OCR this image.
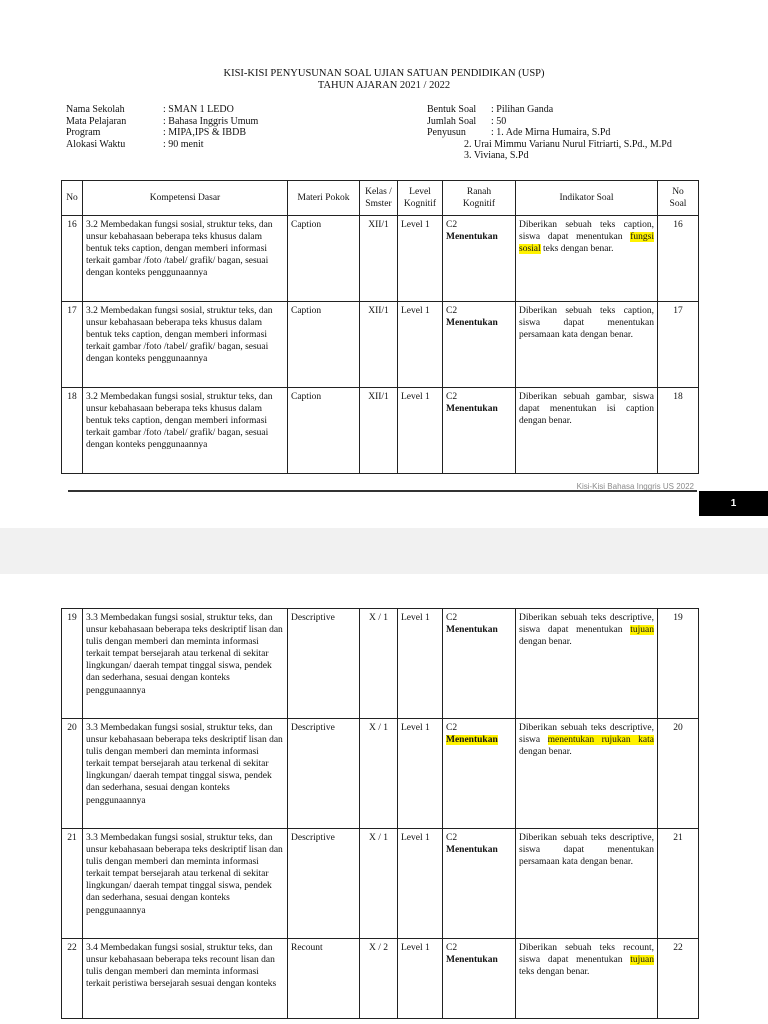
KISI-KISI PENYUSUNAN SOAL UJIAN SATUAN PENDIDIKAN (USP)
TAHUN AJARAN 2021 / 2022
Nama Sekolah	: SMAN 1 LEDO
Mata Pelajaran	: Bahasa Inggris Umum
Program	: MIPA,IPS & IBDB
Alokasi Waktu	: 90 menit
Bentuk Soal	: Pilihan Ganda
Jumlah Soal	: 50
Penyusun	: 1. Ade Mirna Humaira, S.Pd
2. Urai Mimmu Varianu Nurul Fitriarti, S.Pd., M.Pd
3. Viviana, S.Pd
No	Kompetensi Dasar	Materi Pokok	Kelas /
Smster	Level
Kognitif	Ranah
Kognitif	Indikator Soal	No
Soal
16	3.2 Membedakan fungsi sosial, struktur teks, dan unsur kebahasaan beberapa teks khusus dalam bentuk teks caption, dengan memberi informasi terkait gambar /foto /tabel/ grafik/ bagan, sesuai dengan konteks penggunaannya	Caption	XII/1	Level 1	C2
Menentukan	Diberikan sebuah teks caption, siswa dapat menentukan fungsi sosial teks dengan benar.	16
17	3.2 Membedakan fungsi sosial, struktur teks, dan unsur kebahasaan beberapa teks khusus dalam bentuk teks caption, dengan memberi informasi terkait gambar /foto /tabel/ grafik/ bagan, sesuai dengan konteks penggunaannya	Caption	XII/1	Level 1	C2
Menentukan	Diberikan sebuah teks caption, siswa dapat menentukan persamaan kata dengan benar.	17
18	3.2 Membedakan fungsi sosial, struktur teks, dan unsur kebahasaan beberapa teks khusus dalam bentuk teks caption, dengan memberi informasi terkait gambar /foto /tabel/ grafik/ bagan, sesuai dengan konteks penggunaannya	Caption	XII/1	Level 1	C2
Menentukan	Diberikan sebuah gambar, siswa dapat menentukan isi caption dengan benar.	18
Kisi-Kisi Bahasa Inggris US 2022
1
19	3.3 Membedakan fungsi sosial, struktur teks, dan unsur kebahasaan beberapa teks deskriptif lisan dan tulis dengan memberi dan meminta informasi terkait tempat bersejarah atau terkenal di sekitar lingkungan/ daerah tempat tinggal siswa, pendek dan sederhana, sesuai dengan konteks penggunaannya	Descriptive	X / 1	Level 1	C2
Menentukan	Diberikan sebuah teks descriptive, siswa dapat menentukan tujuan dengan benar.	19
20	3.3 Membedakan fungsi sosial, struktur teks, dan unsur kebahasaan beberapa teks deskriptif lisan dan tulis dengan memberi dan meminta informasi terkait tempat bersejarah atau terkenal di sekitar lingkungan/ daerah tempat tinggal siswa, pendek dan sederhana, sesuai dengan konteks penggunaannya	Descriptive	X / 1	Level 1	C2
Menentukan	Diberikan sebuah teks descriptive, siswa menentukan rujukan kata dengan benar.	20
21	3.3 Membedakan fungsi sosial, struktur teks, dan unsur kebahasaan beberapa teks deskriptif lisan dan tulis dengan memberi dan meminta informasi terkait tempat bersejarah atau terkenal di sekitar lingkungan/ daerah tempat tinggal siswa, pendek dan sederhana, sesuai dengan konteks penggunaannya	Descriptive	X / 1	Level 1	C2
Menentukan	Diberikan sebuah teks descriptive, siswa dapat menentukan persamaan kata dengan benar.	21
22	3.4 Membedakan fungsi sosial, struktur teks, dan unsur kebahasaan beberapa teks recount lisan dan tulis dengan memberi dan meminta informasi terkait peristiwa bersejarah sesuai dengan konteks	Recount	X / 2	Level 1	C2
Menentukan	Diberikan sebuah teks recount, siswa dapat menentukan tujuan teks dengan benar.	22
